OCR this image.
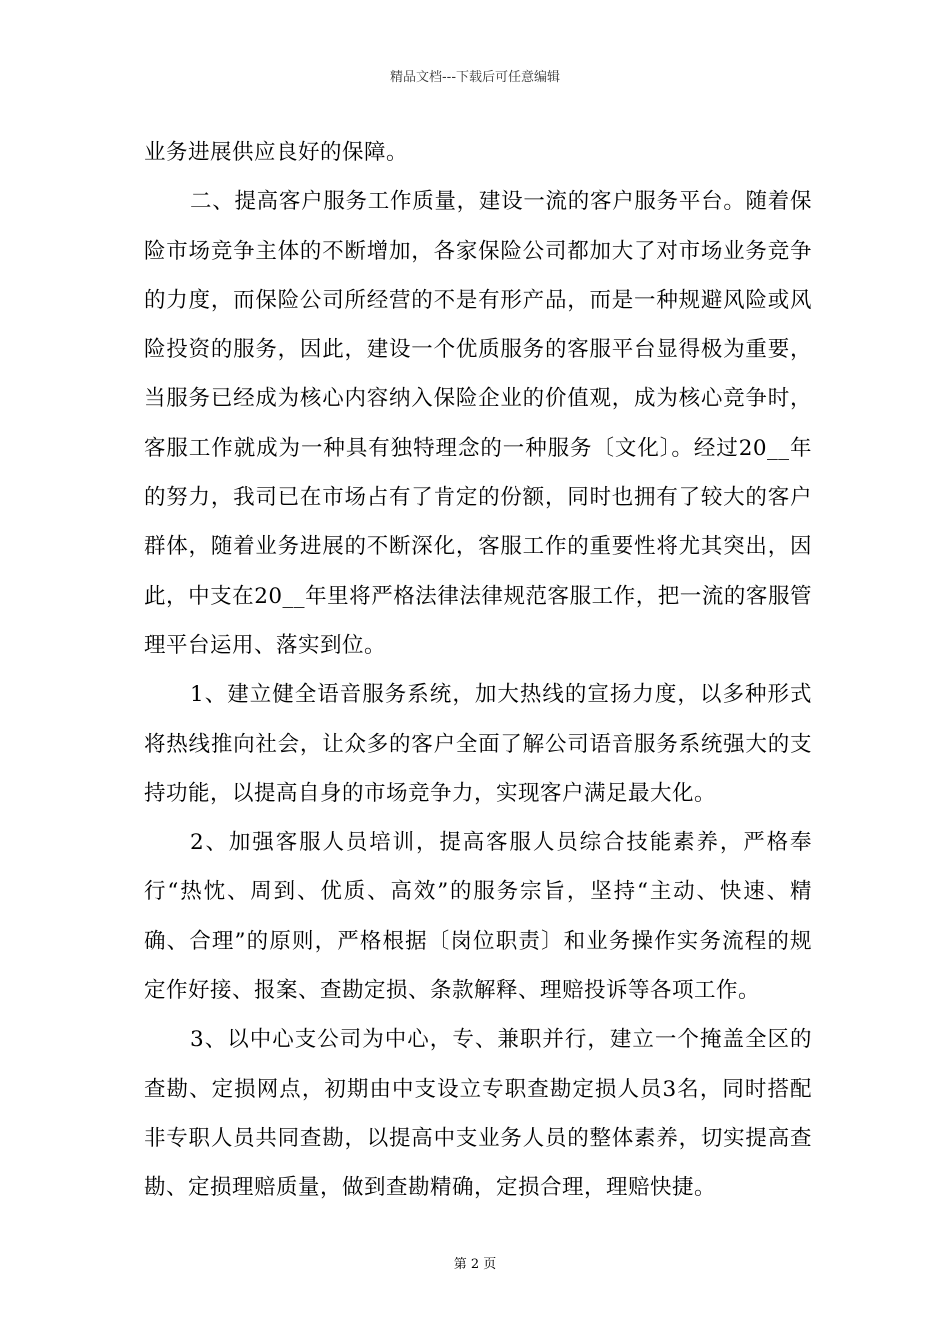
精品文档---下载后可任意编辑

业务进展供应良好的保障。

二、提高客户服务工作质量，建设一流的客户服务平台。随着保险市场竞争主体的不断增加，各家保险公司都加大了对市场业务竞争的力度，而保险公司所经营的不是有形产品，而是一种规避风险或风险投资的服务，因此，建设一个优质服务的客服平台显得极为重要，当服务已经成为核心内容纳入保险企业的价值观，成为核心竞争时，客服工作就成为一种具有独特理念的一种服务〔文化〕。经过20__年的努力，我司已在市场占有了肯定的份额，同时也拥有了较大的客户群体，随着业务进展的不断深化，客服工作的重要性将尤其突出，因此，中支在20__年里将严格法律法律规范客服工作，把一流的客服管理平台运用、落实到位。

1、建立健全语音服务系统，加大热线的宣扬力度，以多种形式将热线推向社会，让众多的客户全面了解公司语音服务系统强大的支持功能，以提高自身的市场竞争力，实现客户满足最大化。

2、加强客服人员培训，提高客服人员综合技能素养，严格奉行“热忱、周到、优质、高效”的服务宗旨，坚持“主动、快速、精确、合理”的原则，严格根据〔岗位职责〕和业务操作实务流程的规定作好接、报案、查勘定损、条款解释、理赔投诉等各项工作。

3、以中心支公司为中心，专、兼职并行，建立一个掩盖全区的查勘、定损网点，初期由中支设立专职查勘定损人员3名，同时搭配非专职人员共同查勘，以提高中支业务人员的整体素养，切实提高查勘、定损理赔质量，做到查勘精确，定损合理，理赔快捷。

第 2 页
